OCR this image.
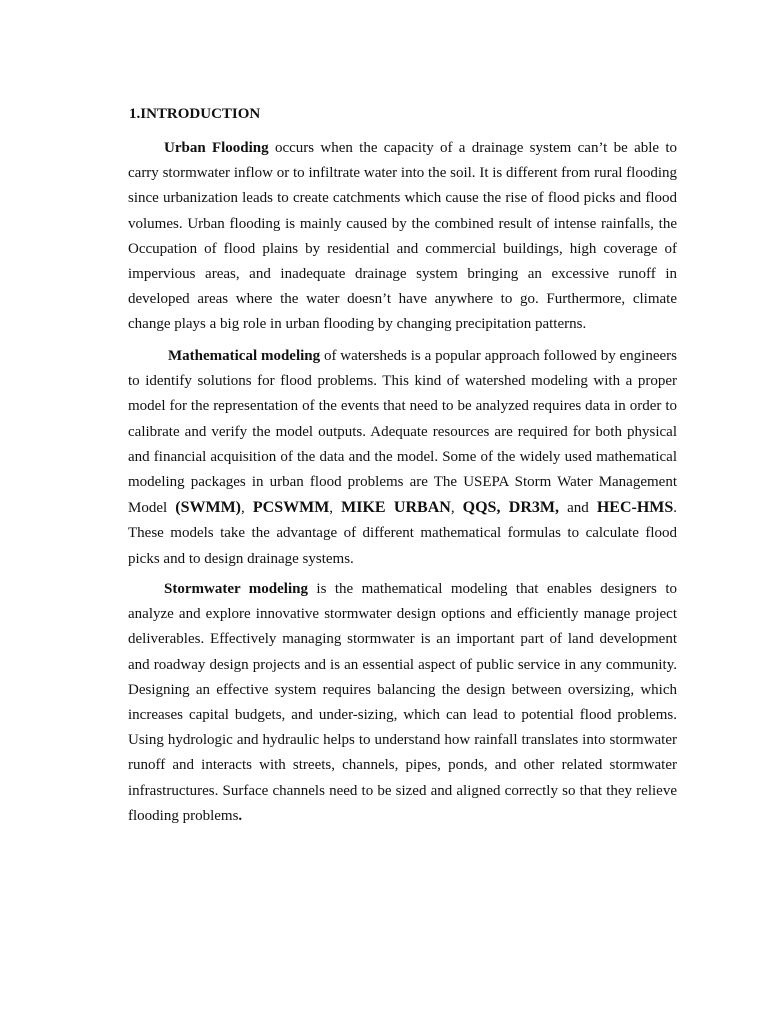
1.INTRODUCTION

Urban Flooding occurs when the capacity of a drainage system can’t be able to carry stormwater inflow or to infiltrate water into the soil. It is different from rural flooding since urbanization leads to create catchments which cause the rise of flood picks and flood volumes. Urban flooding is mainly caused by the combined result of intense rainfalls, the Occupation of flood plains by residential and commercial buildings, high coverage of impervious areas, and inadequate drainage system bringing an excessive runoff in developed areas where the water doesn’t have anywhere to go. Furthermore, climate change plays a big role in urban flooding by changing precipitation patterns.

Mathematical modeling of watersheds is a popular approach followed by engineers to identify solutions for flood problems. This kind of watershed modeling with a proper model for the representation of the events that need to be analyzed requires data in order to calibrate and verify the model outputs. Adequate resources are required for both physical and financial acquisition of the data and the model. Some of the widely used mathematical modeling packages in urban flood problems are The USEPA Storm Water Management Model (SWMM), PCSWMM, MIKE URBAN, QQS, DR3M, and HEC-HMS. These models take the advantage of different mathematical formulas to calculate flood picks and to design drainage systems.

Stormwater modeling is the mathematical modeling that enables designers to analyze and explore innovative stormwater design options and efficiently manage project deliverables. Effectively managing stormwater is an important part of land development and roadway design projects and is an essential aspect of public service in any community. Designing an effective system requires balancing the design between oversizing, which increases capital budgets, and under-sizing, which can lead to potential flood problems. Using hydrologic and hydraulic helps to understand how rainfall translates into stormwater runoff and interacts with streets, channels, pipes, ponds, and other related stormwater infrastructures. Surface channels need to be sized and aligned correctly so that they relieve flooding problems.
